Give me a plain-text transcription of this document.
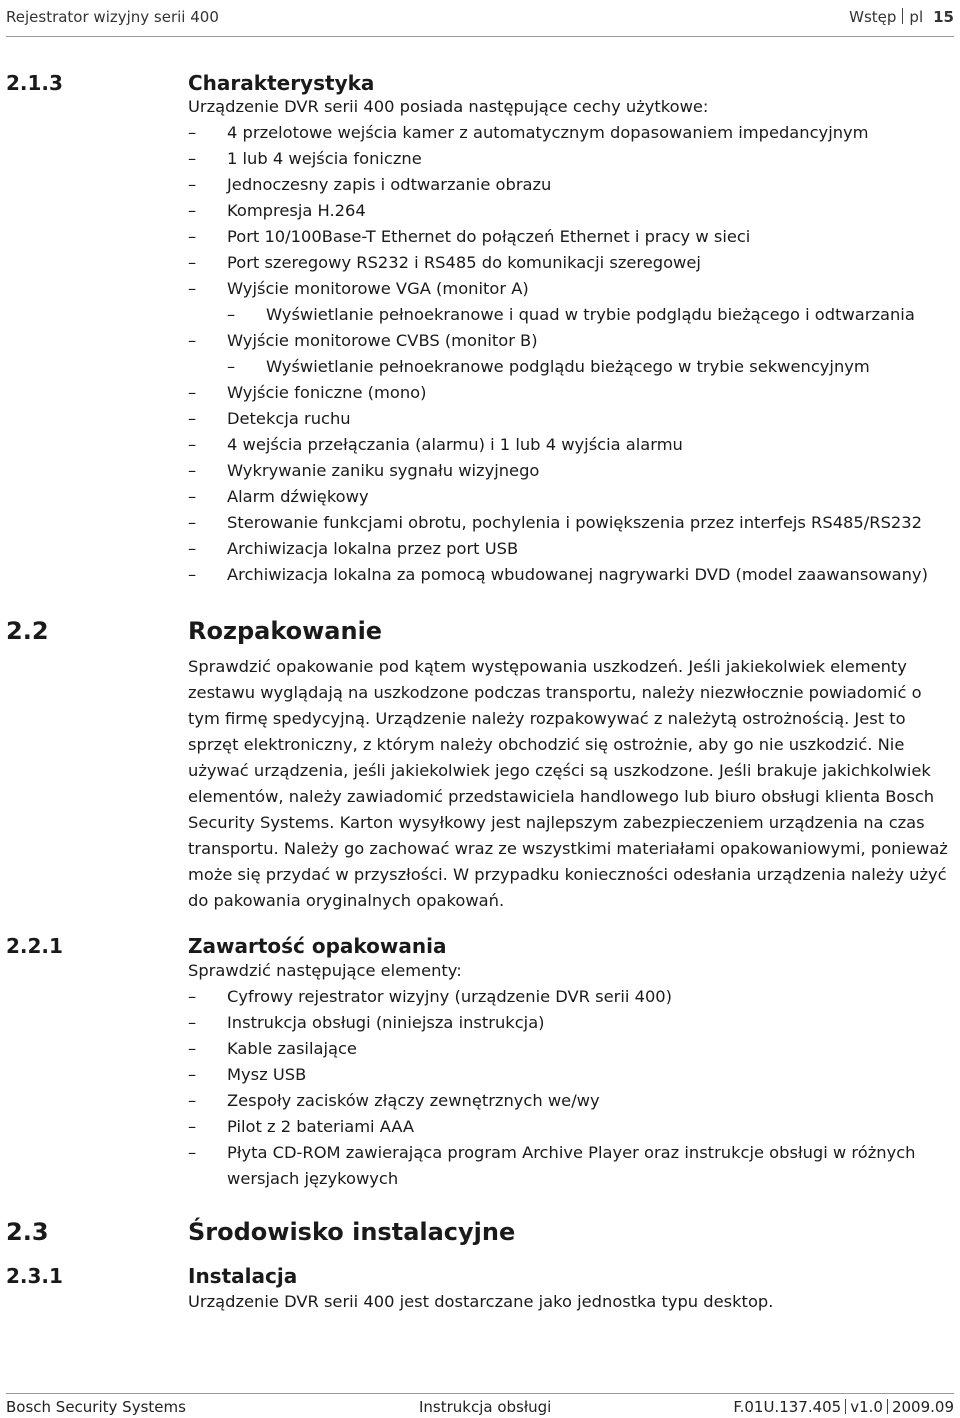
Rejestrator wizyjny serii 400	Wstęp pl 15
2.1.3	Charakterystyka

Urządzenie DVR serii 400 posiada następujące cechy użytkowe:

– 4 przelotowe wejścia kamer z automatycznym dopasowaniem impedancyjnym
– 1 lub 4 wejścia foniczne
– Jednoczesny zapis i odtwarzanie obrazu
– Kompresja H.264
– Port 10/100Base-T Ethernet do połączeń Ethernet i pracy w sieci
– Port szeregowy RS232 i RS485 do komunikacji szeregowej
– Wyjście monitorowe VGA (monitor A)
– Wyświetlanie pełnoekranowe i quad w trybie podglądu bieżącego i odtwarzania
– Wyjście monitorowe CVBS (monitor B)
– Wyświetlanie pełnoekranowe podglądu bieżącego w trybie sekwencyjnym
– Wyjście foniczne (mono)
– Detekcja ruchu
– 4 wejścia przełączania (alarmu) i 1 lub 4 wyjścia alarmu
– Wykrywanie zaniku sygnału wizyjnego
– Alarm dźwiękowy
– Sterowanie funkcjami obrotu, pochylenia i powiększenia przez interfejs RS485/RS232
– Archiwizacja lokalna przez port USB
– Archiwizacja lokalna za pomocą wbudowanej nagrywarki DVD (model zaawansowany)
2.2	Rozpakowanie

Sprawdzić opakowanie pod kątem występowania uszkodzeń. Jeśli jakiekolwiek elementy zestawu wyglądają na uszkodzone podczas transportu, należy niezwłocznie powiadomić o tym firmę spedycyjną. Urządzenie należy rozpakowywać z należytą ostrożnością. Jest to sprzęt elektroniczny, z którym należy obchodzić się ostrożnie, aby go nie uszkodzić. Nie używać urządzenia, jeśli jakiekolwiek jego części są uszkodzone. Jeśli brakuje jakichkolwiek elementów, należy zawiadomić przedstawiciela handlowego lub biuro obsługi klienta Bosch Security Systems. Karton wysyłkowy jest najlepszym zabezpieczeniem urządzenia na czas transportu. Należy go zachować wraz ze wszystkimi materiałami opakowaniowymi, ponieważ może się przydać w przyszłości. W przypadku konieczności odesłania urządzenia należy użyć do pakowania oryginalnych opakowań.

2.2.1	Zawartość opakowania

Sprawdzić następujące elementy:

– Cyfrowy rejestrator wizyjny (urządzenie DVR serii 400)
– Instrukcja obsługi (niniejsza instrukcja)
– Kable zasilające
– Mysz USB
– Zespoły zacisków złączy zewnętrznych we/wy
– Pilot z 2 bateriami AAA
– Płyta CD-ROM zawierająca program Archive Player oraz instrukcje obsługi w różnych wersjach językowych
2.3	Środowisko instalacyjne
2.3.1	Instalacja

Urządzenie DVR serii 400 jest dostarczane jako jednostka typu desktop.

Bosch Security Systems	Instrukcja obsługi	F.01U.137.405 v1.0 2009.09
